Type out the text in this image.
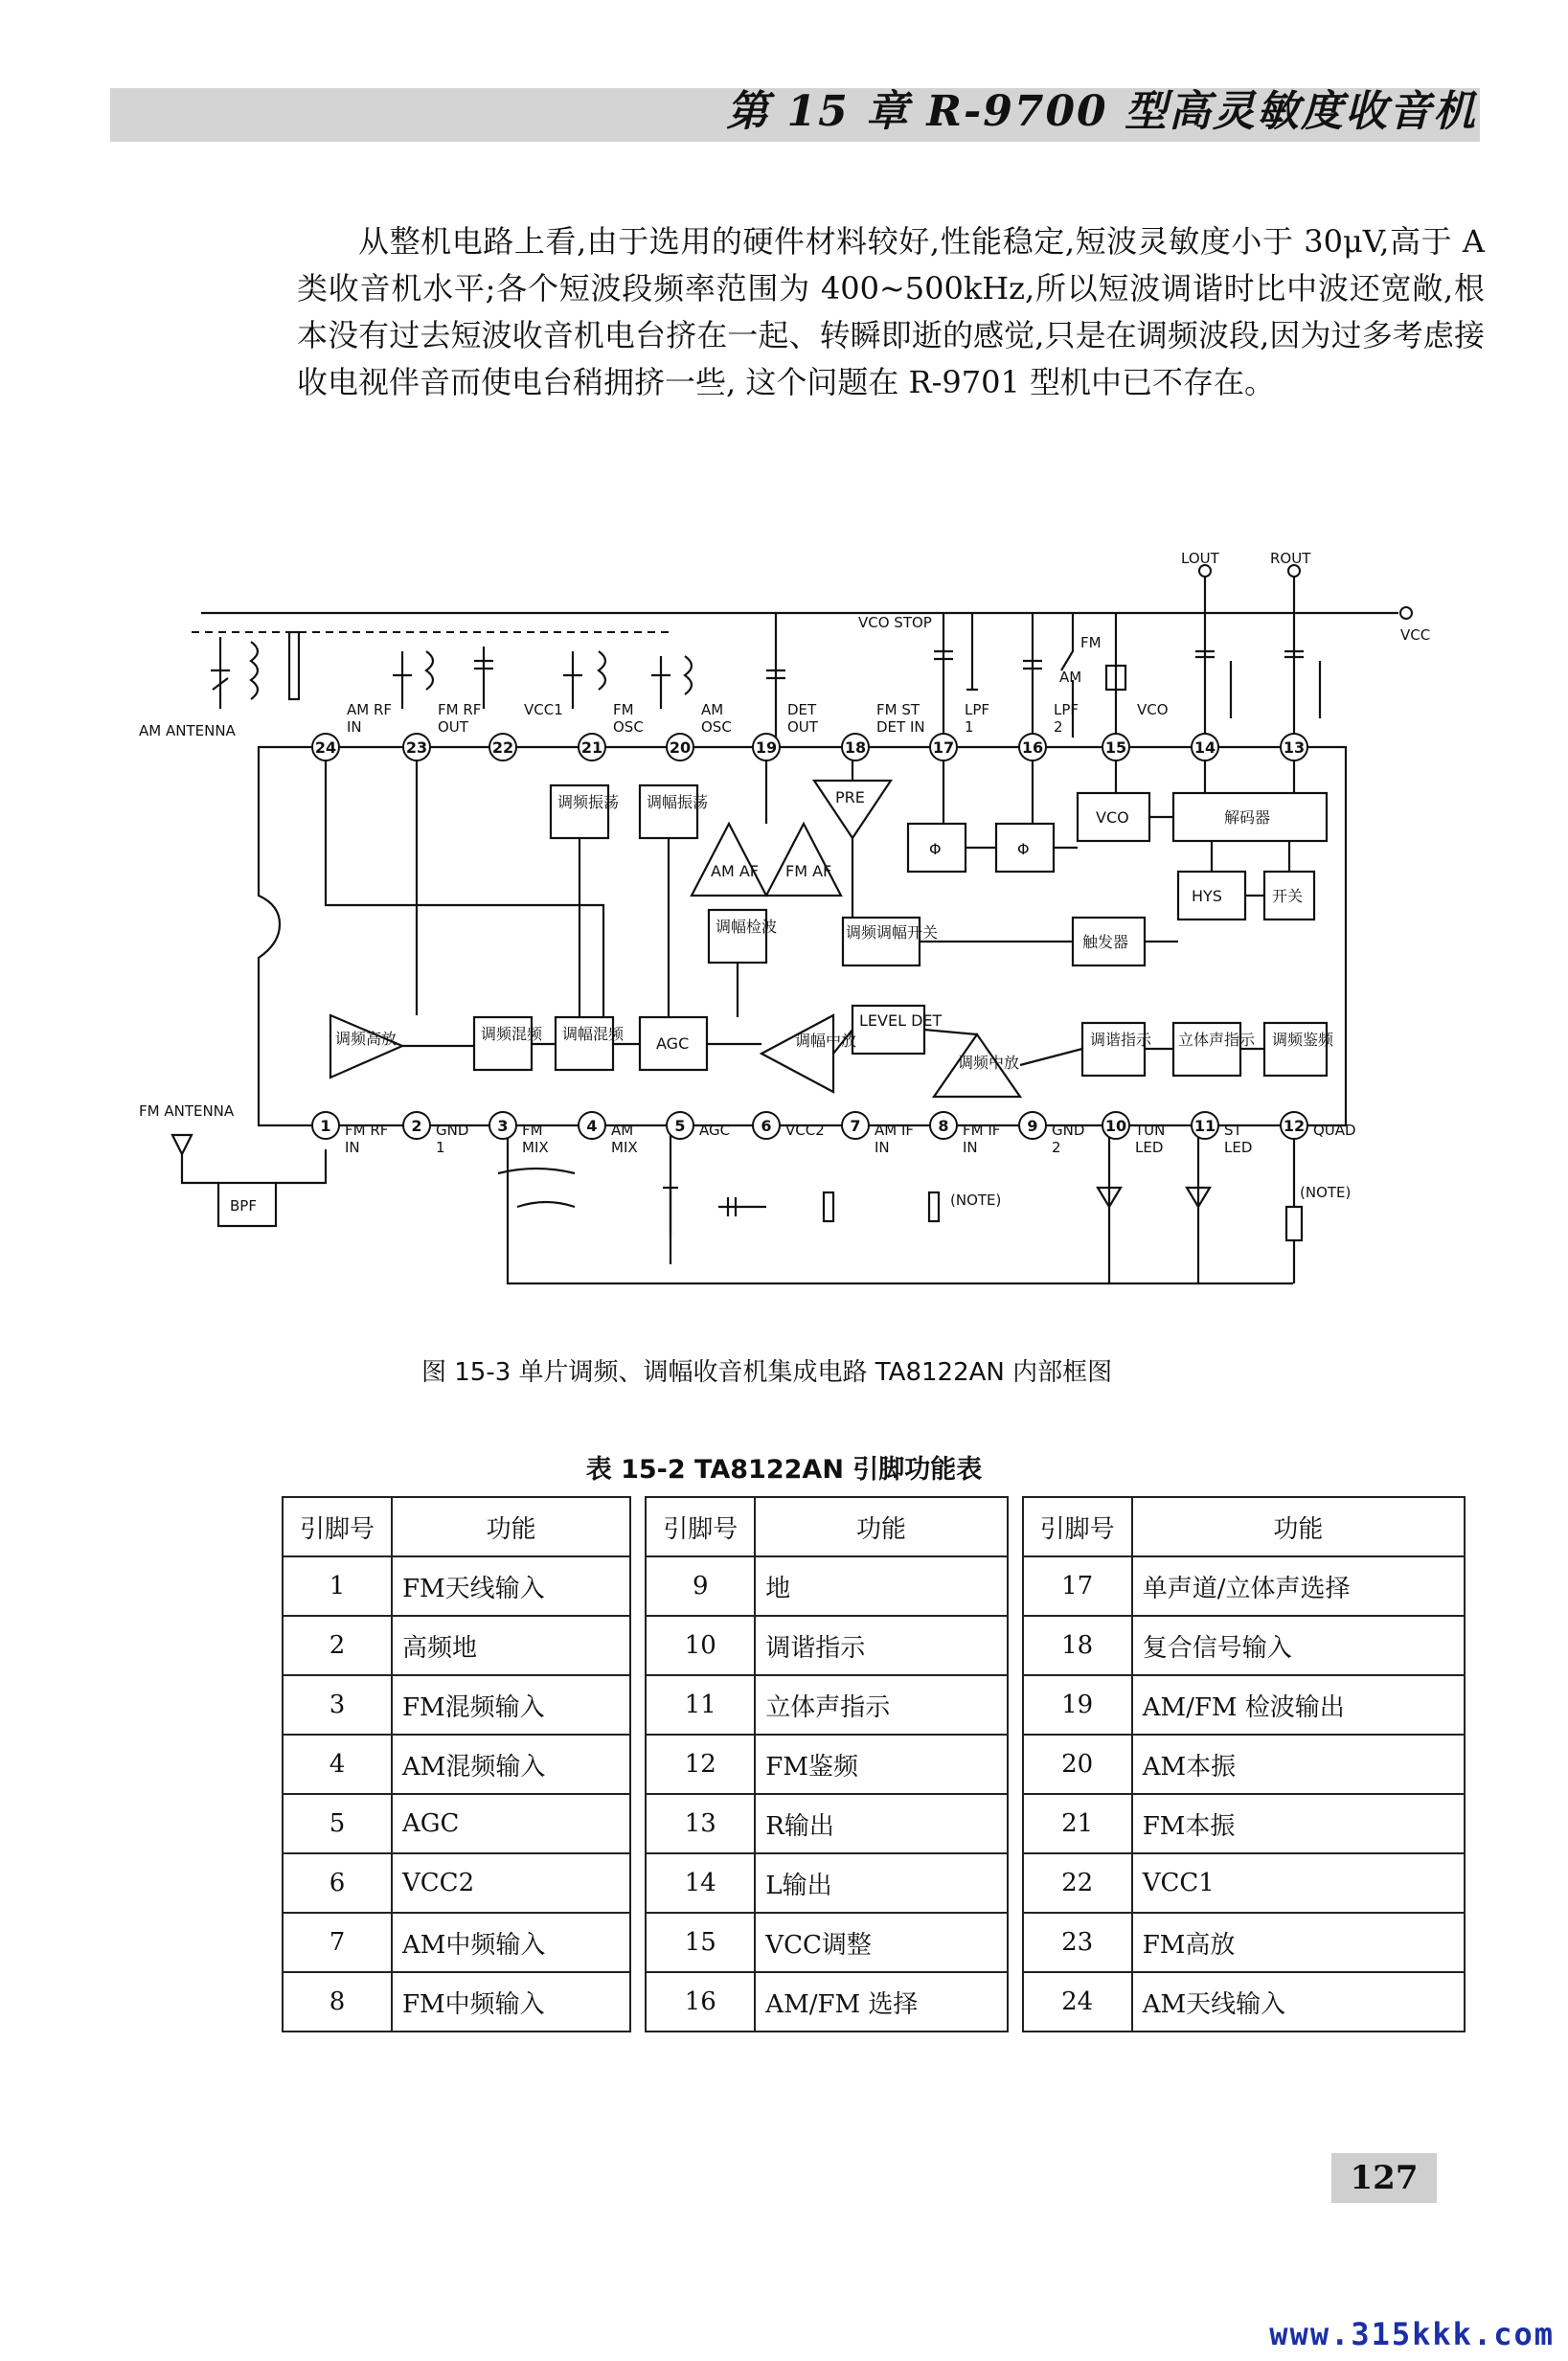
第 15 章 R-9700 型高灵敏度收音机

从整机电路上看,由于选用的硬件材料较好,性能稳定,短波灵敏度小于 30μV,高于 A 类收音机水平;各个短波段频率范围为 400~500kHz,所以短波调谐时比中波还宽敞,根本没有过去短波收音机电台挤在一起、转瞬即逝的感觉,只是在调频波段,因为过多考虑接收电视伴音而使电台稍拥挤一些, 这个问题在 R-9701 型机中已不存在。

VCC
LOUT	ROUT
VCO STOP
FM
AM
AM ANTENNA
FM ANTENNA
BPF	(NOTE)	(NOTE)
调频振荡 调幅振荡	PRE
AM AF FM AF
Φ	Φ
VCO	解码器
HYS	开关
调幅检波	调频调幅开关
触发器
LEVEL DET
调频高放	调频混频 调幅混频
AGC	调幅中放
调频中放
调谐指示 立体声指示 调频鉴频
24
AM RF IN
23
FM RF OUT
22
VCC1
21
FM OSC
20
AM OSC
19
DET OUT
18
FM ST DET IN
17
LPF 1
16
LPF 2
15
VCO
14	13
1 FM RF IN
2 GND 1
3 FM MIX
4 AM MIX
5 AGC 6 VCC2 7 AM IF IN
8 FM IF IN
9 GND 2
10 TUN LED
11 ST LED
12 QUAD
图 15-3 单片调频、调幅收音机集成电路 TA8122AN 内部框图
表 15-2 TA8122AN 引脚功能表
引脚号	功能		引脚号	功能		引脚号	功能
1	FM天线输入		9	地		17	单声道/立体声选择
2	高频地		10	调谐指示		18	复合信号输入
3	FM混频输入		11	立体声指示		19	AM/FM 检波输出
4	AM混频输入		12	FM鉴频		20	AM本振
5	AGC		13	R输出		21	FM本振
6	VCC2		14	L输出		22	VCC1
7	AM中频输入		15	VCC调整		23	FM高放
8	FM中频输入		16	AM/FM 选择		24	AM天线输入
127
www.315kkk.com
